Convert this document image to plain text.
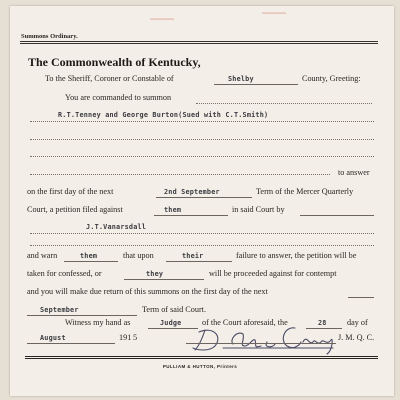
▬▬▬▬
▬▬▬▬
Summons Ordinary.
The Commonwealth of Kentucky,
To the Sheriff, Coroner or Constable of	Shelby	County, Greeting:
You are commanded to summon
R.T.Tenney and George Burton(Sued with C.T.Smith)
to answer
on the first day of the next	2nd September	Term of the Mercer Quarterly
Court, a petition filed against	them	in said Court by
J.T.Vanarsdall
and warn	them	that upon	their	failure to answer, the petition will be
taken for confessed, or	they	will be proceeded against for contempt
and you will make due return of this summons on the first day of the next
September	Term of said Court.
Witness my hand as	Judge	of the Court aforesaid, the	28 day of
August	191 5	J. M. Q. C.
PULLIAM & HUTTON, Printers
